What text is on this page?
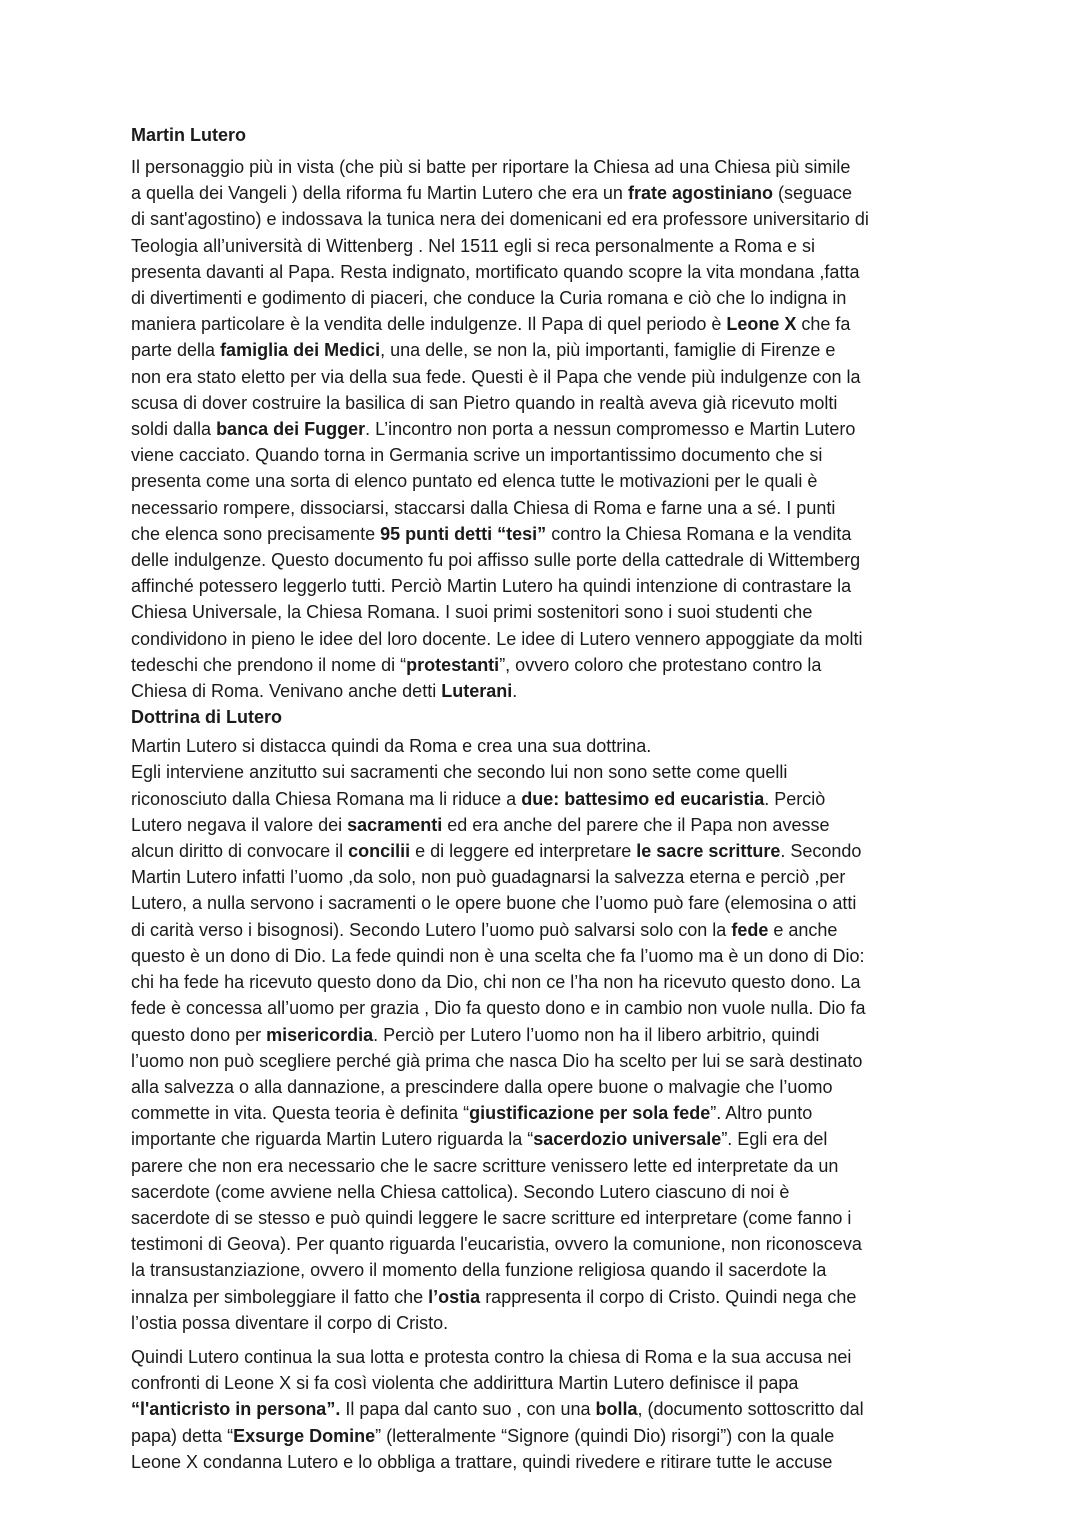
Martin Lutero

Il personaggio più in vista (che più si batte per riportare la Chiesa ad una Chiesa più simile
a quella dei Vangeli ) della riforma fu Martin Lutero che era un frate agostiniano (seguace
di sant'agostino) e indossava la tunica nera dei domenicani ed era professore universitario di
Teologia all’università di Wittenberg . Nel 1511 egli si reca personalmente a Roma e si
presenta davanti al Papa. Resta indignato, mortificato quando scopre la vita mondana ,fatta
di divertimenti e godimento di piaceri, che conduce la Curia romana e ciò che lo indigna in
maniera particolare è la vendita delle indulgenze. Il Papa di quel periodo è Leone X che fa
parte della famiglia dei Medici, una delle, se non la, più importanti, famiglie di Firenze e
non era stato eletto per via della sua fede. Questi è il Papa che vende più indulgenze con la
scusa di dover costruire la basilica di san Pietro quando in realtà aveva già ricevuto molti
soldi dalla banca dei Fugger. L’incontro non porta a nessun compromesso e Martin Lutero
viene cacciato. Quando torna in Germania scrive un importantissimo documento che si
presenta come una sorta di elenco puntato ed elenca tutte le motivazioni per le quali è
necessario rompere, dissociarsi, staccarsi dalla Chiesa di Roma e farne una a sé. I punti
che elenca sono precisamente 95 punti detti “tesi” contro la Chiesa Romana e la vendita
delle indulgenze. Questo documento fu poi affisso sulle porte della cattedrale di Wittemberg
affinché potessero leggerlo tutti. Perciò Martin Lutero ha quindi intenzione di contrastare la
Chiesa Universale, la Chiesa Romana. I suoi primi sostenitori sono i suoi studenti che
condividono in pieno le idee del loro docente. Le idee di Lutero vennero appoggiate da molti
tedeschi che prendono il nome di “protestanti”, ovvero coloro che protestano contro la
Chiesa di Roma. Venivano anche detti Luterani.

Dottrina di Lutero

Martin Lutero si distacca quindi da Roma e crea una sua dottrina.
Egli interviene anzitutto sui sacramenti che secondo lui non sono sette come quelli
riconosciuto dalla Chiesa Romana ma li riduce a due: battesimo ed eucaristia. Perciò
Lutero negava il valore dei sacramenti ed era anche del parere che il Papa non avesse
alcun diritto di convocare il concilii e di leggere ed interpretare le sacre scritture. Secondo
Martin Lutero infatti l’uomo ,da solo, non può guadagnarsi la salvezza eterna e perciò ,per
Lutero, a nulla servono i sacramenti o le opere buone che l’uomo può fare (elemosina o atti
di carità verso i bisognosi). Secondo Lutero l’uomo può salvarsi solo con la fede e anche
questo è un dono di Dio. La fede quindi non è una scelta che fa l’uomo ma è un dono di Dio:
chi ha fede ha ricevuto questo dono da Dio, chi non ce l’ha non ha ricevuto questo dono. La
fede è concessa all’uomo per grazia , Dio fa questo dono e in cambio non vuole nulla. Dio fa
questo dono per misericordia. Perciò per Lutero l’uomo non ha il libero arbitrio, quindi
l’uomo non può scegliere perché già prima che nasca Dio ha scelto per lui se sarà destinato
alla salvezza o alla dannazione, a prescindere dalla opere buone o malvagie che l’uomo
commette in vita. Questa teoria è definita “giustificazione per sola fede”. Altro punto
importante che riguarda Martin Lutero riguarda la “sacerdozio universale”. Egli era del
parere che non era necessario che le sacre scritture venissero lette ed interpretate da un
sacerdote (come avviene nella Chiesa cattolica). Secondo Lutero ciascuno di noi è
sacerdote di se stesso e può quindi leggere le sacre scritture ed interpretare (come fanno i
testimoni di Geova). Per quanto riguarda l'eucaristia, ovvero la comunione, non riconosceva
la transustanziazione, ovvero il momento della funzione religiosa quando il sacerdote la
innalza per simboleggiare il fatto che l’ostia rappresenta il corpo di Cristo. Quindi nega che
l’ostia possa diventare il corpo di Cristo.

Quindi Lutero continua la sua lotta e protesta contro la chiesa di Roma e la sua accusa nei
confronti di Leone X si fa così violenta che addirittura Martin Lutero definisce il papa
“l'anticristo in persona”. Il papa dal canto suo , con una bolla, (documento sottoscritto dal
papa) detta “Exsurge Domine” (letteralmente “Signore (quindi Dio) risorgi”) con la quale
Leone X condanna Lutero e lo obbliga a trattare, quindi rivedere e ritirare tutte le accuse
